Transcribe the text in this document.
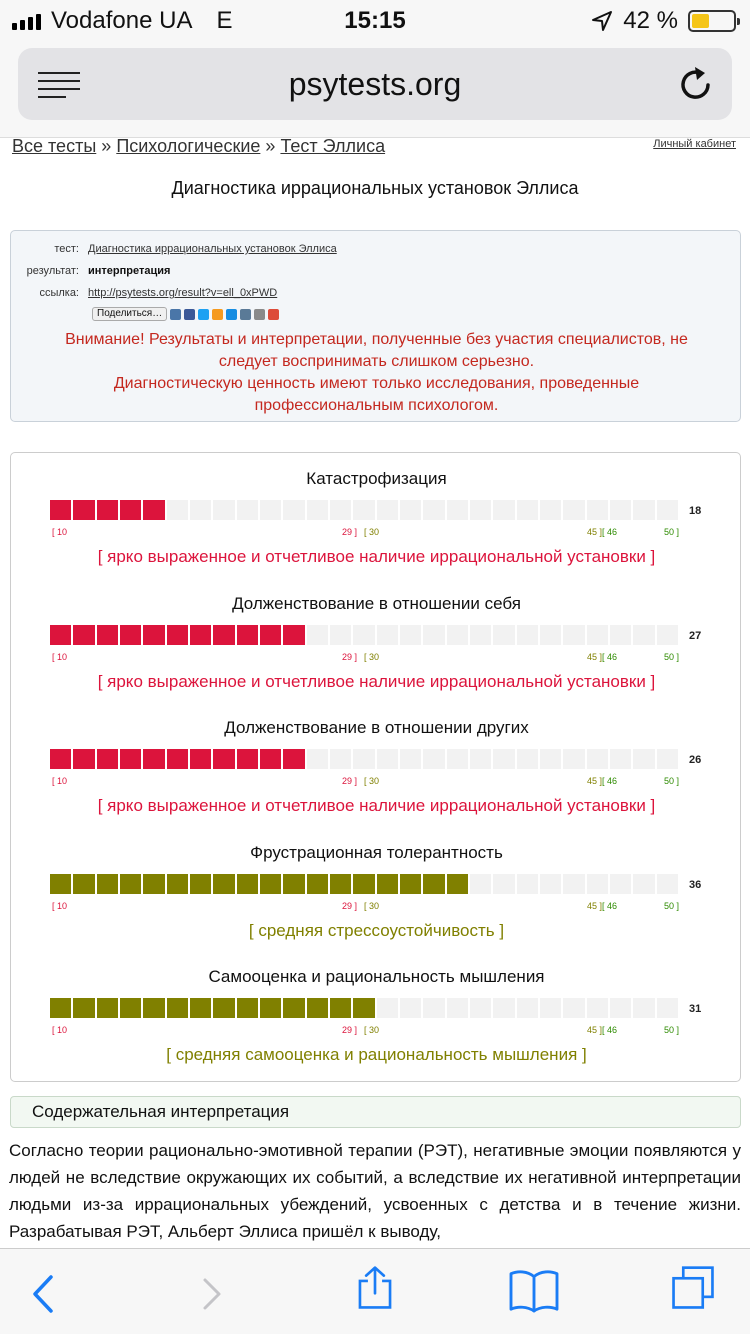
Vodafone UA E	15:15	42 %
psytests.org
Все тесты » Психологические » Тест Эллиса	Личный кабинет
Диагностика иррациональных установок Эллиса
тест: Диагностика иррациональных установок Эллиса
результат: интерпретация
ссылка: http://psytests.org/result?v=ell_0xPWD
Поделиться…
Внимание! Результаты и интерпретации, полученные без участия специалистов, не
следует воспринимать слишком серьезно.
Диагностическую ценность имеют только исследования, проведенные
профессиональным психологом.
Катастрофизация
18
[ 10	29 ] [ 30	45 ] [ 46	50 ]
[ ярко выраженное и отчетливое наличие иррациональной установки ]
Долженствование в отношении себя
27
[ 10	29 ] [ 30	45 ] [ 46	50 ]
[ ярко выраженное и отчетливое наличие иррациональной установки ]
Долженствование в отношении других
26
[ 10	29 ] [ 30	45 ] [ 46	50 ]
[ ярко выраженное и отчетливое наличие иррациональной установки ]
Фрустрационная толерантность
36
[ 10	29 ] [ 30	45 ] [ 46	50 ]
[ средняя стрессоустойчивость ]
Самооценка и рациональность мышления
31
[ 10	29 ] [ 30	45 ] [ 46	50 ]
[ средняя самооценка и рациональность мышления ]
Содержательная интерпретация
Согласно теории рационально-эмотивной терапии (РЭТ), негативные эмоции появляются у людей не вследствие окружающих их событий, а вследствие их негативной интерпретации людьми из-за иррациональных убеждений, усвоенных с детства и в течение жизни. Разрабатывая РЭТ, Альберт Эллиса пришёл к выводу,
